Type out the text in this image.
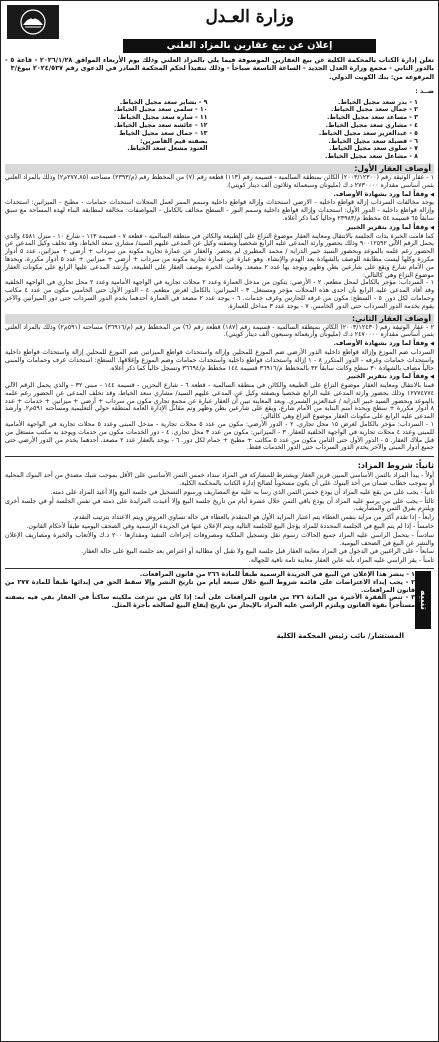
وزارة العـدل
إعلان عن بيع عقارين بالمزاد العلني

تعلن إدارة الكتاب بالمحكمة الكلية عن بيع العقارين الموصوفة فيما يلي بالمزاد العلني وذلك يوم الأربعاء الموافق ٢٠٢٦/١/٢٨ - قاعة ٥ - بالدور الثاني - مجمع وزارة العدل الجديد - الساعة التاسعة صباحاً - وذلك تنفيذاً لحكم المحكمة الصادر في الدعوى رقم ٢٠٢٤/٥٣٧ بيوع/٣

المرفوعة من: بنك الكويت الدولي.

ضــد :
١ - بدر سعد مجيل الخياط.
٩ - بشاير سعد مجيل الخياط.
٢ - جمال سعد مجيل الخياط.
١٠ - سلمى سعد مجيل الخياط.
٣ - مساعد سعد مجيل الخياط.
١١ - ساره سعد مجيل الخياط.
٤ - مشاري سعد مجيل الخياط.
١٢ - عائشة سعد مجيل الخياط.
٥ - عبدالعزيز سعد مجيل الخياط.
١٣ - جمال سعد مجيل الخياط
٦ - فضيلة سعد مجيل الخياط.
بصفته قيم القاصرين:
٧ - سلوى سعد مجيل الخياط.
العنود مشعل سعد الخياط.
٨ - مشاعل سعد مجيل الخياط.
أوصاف العقار الأول:

١ - عقار الوثيقة رقم (٢٠٠٣/١٢٣٠٠) الكائن بمنطقة السالمية - قسيمة رقم (١١٣) قطعة رقم (٧) من المخطط رقم (م/٢٣٩٣) مساحته (٢٧٧,٨٥م٢) وذلك بالمزاد العلني بثمن أساسي مقداره ٢٧٣٠٠٠٠ د.ك (مليونان وسبعمائة وثلاثون ألف دينار كويتي).

◀وفقاً لما ورد بشهادة الأوصاف.

يوجد مخالفات السرداب إزالة قواطع داخلية - الارضي استحداث وإزالة قواطع داخلية وسمم الممر لعمل المحلات استحداث حمامات - مطبخ - الميزانين: استحداث وإزالة قواطع داخلية - الدور الأول: استحداث وإزالة قواطع داخلية وسمم النور - السطح مخالف بالكامل - المواصفات: مخالفة لمطابقة البناء لهذه المساحة مع سبق سابقاً ٦٥ قسيمة ٥٤ مخطط م/٢٣٩٨٣ وحالياً كما ذكر أعلاه.

◀وفقاً لما ورد بتقرير الخبير

كما قامت الخبرة بذات الجلسة بالانتقال ومعاينة العقار موضوع النزاع على الطبيعة والكائن في منطقة السالمية - قطعة ٧ - قسيمة ١١٣ - شارع ١٠ - منزل ٤٥٨١ والذي يحمل الرقم الآلي ٩٠٠١٢٥٩٢ وذلك بحضور وارثة المدعى عليه الرابع شخصياً وبصفته وكيل عن المدعى عليهم السيد/ مشاري سعد الخياط، وقد تخلف وكيل المدعي عن الحضور رغم علمه بالموعد وبحضور السيد خبير الدراية / محمد المطيري لم يحضر. والعقار عن عمارة تجارية مكونة من سرداب + أرضي + ميزانين، عدد ٥ أدوار مكررة وكلها ليست مطابقة للوصف بالشهادة بعد الهدم والإنشاء. وهو عبارة عن عمارة تجارية مكونة من سرداب + أرضي + ميزانين + عدد ٥ أدوار مكررة، ويحدها من الأمام شارع ويقع على شارعين بطن وظهر ويوجد بها عدد ٢ مصعد. وقامت الخبرة بوصف العقار على الطبيعة، وأرشد المدعى عليها الرابع على مكونات العقار موضوع النزاع وهي كالتالي:

١ - السرداب: مؤجر بالكامل لمحل مطعم. ٢ - الأرضي: يتكون من مدخل العمارة وعدد ٢ محلات تجارية في الواجهة الأمامية وعدد ٢ محل تجاري في الواجهة الخلفية وقد أفاد المدعى عليه الرابع بأن احدى هذه المحلات مؤجر ومستغل. ٣ - الميزانين: بالكامل لغرض مطعم. ٤ - الدور الأول حتى الخامس مكون من عدد ٤ مكاتب وحمامات لكل دور. ٥ - السطح: مكون من غرفة للحارس وغرف خدمات. ٦ - يوجد عدد ٢ مصعد في العمارة أحدهما يخدم الدور السرداب حتى دور الميزانين والآخر يقوم بخدمة الدور السرداب حتى الدور الخامس. ٧ - يوجد عدد ٣ مداخل للعمارة.

أوصاف العقار الثاني:

٢ - عقار الوثيقة رقم (٢٠٠٣/١٢٤٣٠) الكائن بمنطقة السالمية - قسيمة رقم (١٨٧) قطعة رقم (٦) من المخطط رقم (م/٣٦٩١٦) مساحته (٥٩١م٢) وذلك بالمزاد العلني بثمن أساسي مقداره ٢٤٧٠٠٠٠ د.ك (مليونان وأربعمائة وسبعون ألف دينار كويتي).

◀وفقاً لما ورد بشهادة الأوصاف.

السرداب ضم الموزع وإزالة قواطع داخلية الدور الأرضي ضم الموزع للمحلين وإزالة واستحداث قواطع الميزانين ضم الموزع للمحلين إزالة واستحداث قواطع داخلية واستحداث حمامات وغرفه - الدور المتكرر ٨ - ١ إزالة واستحداث قواطع داخلية واستحداث حمامات وضم الموزع وإغلاقها. السطح: استحداث غرف وحمامات والمبنى حالياً مضاف بالشهادة ٣٠ سطح وكانت سابقاً ٣٢ بالمخطط م/٣٦٩١٦ قسيمة ١٤٤ مخطط م/٣٦٦٩٤ وتسجل حالياً كما ذكر أعلاه.

◀وفقاً لما ورد بتقرير الخبير

قمنا بالانتقال ومعاينة العقار موضوع النزاع على الطبيعة والكائن في منطقة السالمية - قطعة ٦ - شارع البحرين - قسيمة ١٤٤ - مبنى ٣٢ - والذي يحمل الرقم الآلي ١٢٧٧٤٧٧٤ وذلك بحضور وارثة المدعى عليه الرابع شخصياً وبصفته وكيل عن المدعى عليهم السيد/ مشاري سعد الخياط، وقد تخلف المدعى عن الحضور رغم علمه بالموعد وبحضور السيد خبير الدراية / عبدالعزيز الشمري. وبعد المعاينة تبين أن العقار عبارة عن مجمع تجاري مكون من سرداب + أرضي + ميزانين + خدمات + عدد ٨ أدوار مكررة + سطح ويحده اسم البناية من الأمام شارع، ويقع على شارعين بطن وظهر وتم مقابل الإدارة العامة لمنطقة حولي التعليمية ومساحته ٥٩١م٢. وأرشد المدعى عليه الرابع على مكونات العقار موضوع النزاع وهي كالتالي:

١ - السرداب: مؤجر بالكامل لغرض ١٥ محل تجاري. ٢ - الدور الأرضي: مكون من عدد ٥ محلات تجارية - مدخل المبنى وعدد ٥ محلات تجارية في الواجهة الأمامية للمبنى وعدد ٤ محلات تجارية في الواجهة الخلفية للعقار. ٣ - الميزانين: مكون من عدد ٣ محل تجاري. ٤ - دور الخدمات مكون من خدمات ويوجد به مكتب مستغل من قبل ملاك العقار. ٥ - الدور الأول حتى الثامن مكون من عدد ٥ مكاتب + مطبخ + حمام لكل دور. ٦ - يوجد بالعقار عدد ٢ مصعد، أحدهما يخدم من الدور الأرضي حتى جميع أدوار المبنى والآخر يخدم الدور السرداب حتى الدور الخدمات فقط.

ثانياً: شروط المزاد:

أولاً - يبدأ المزاد بالثمن الأساسي المبين قرين العقار ويشترط للمشاركة في المزاد سداد خمس الثمن الأساسي على الأقل بموجب شيك مصدق من أحد البنوك المحلية أو بموجب خطاب ضمان من أحد البنوك على أن يكون مسحوباً لصالح إدارة الكتاب بالمحكمة الكلية.

ثانياً - يجب على من يقع عليه المزاد أن يودع خمس الثمن الذي رسا به عليه مع المصاريف ورسوم التسجيل في جلسة البيع وإلا أعيد المزاد على ذمته.

ثالثاً - يجب على من يرسو عليه المزاد أن يودع باقي الثمن خلال عشرة أيام من تاريخ جلسة البيع وإلا أعيدت المزايدة على ذمته في نفس الجلسة أو في جلسة أخرى ويلتزم بفرق الثمن والمصاريف.

رابعاً - إذا تقدم أكثر من مزايد بنفس العطاء يتم اعتبار المزايد الأول هو المتقدم بالعطاء في حالة تساوي العروض ويتم الاعتداد بترتيب التقدم.

خامساً - إذا لم يتم البيع في الجلسة المحددة للمزاد يؤجل البيع للجلسة التالية ويتم الإعلان عنها في الجريدة الرسمية وفي الصحف اليومية طبقاً لأحكام القانون.

سادساً - يتحمل الراسي عليه المزاد جميع الحالات رسوم نقل وتسجيل الملكية ومصروفات إجراءات التنفيذ ومقدارها ٢٠٠ د.ك والأتعاب والخبرة ومصاريف الإعلان والنشر عن البيع في الصحف اليومية.

سابعاً - على الراغبين في الدخول في المزاد معاينة العقار قبل جلسة البيع ولا تقبل أي مطالبة أو اعتراض بعد جلسة البيع على حالة العقار.

ثامناً - يقر الراسي عليه المزاد بأنه عاين العقار معاينة تامة نافية للجهالة.

تنبيه

١ - ينشر هذا الإعلان عن البيع في الجريدة الرسمية طبقاً للمادة ٢٦٦ من قانون المرافعات.

٢ - يجب إبداء الاعتراضات على قائمة شروط البيع خلال سبعة أيام من تاريخ النشر وإلا سقط الحق في إبدائها طبقاً للمادة ٢٧٧ من قانون المرافعات.

٣ - تنص الفقرة الأخيرة من المادة ٢٧٦ من قانون المرافعات على أنه: إذا كان من تنزعت ملكيته ساكناً في العقار بقي فيه بصفته مستأجراً بقوة القانون ويلتزم الراسي عليه المزاد بالإيجار من تاريخ إيقاع البيع لصالحه بأجرة المثل.

المستشار/ نائب رئيس المحكمة الكلية
